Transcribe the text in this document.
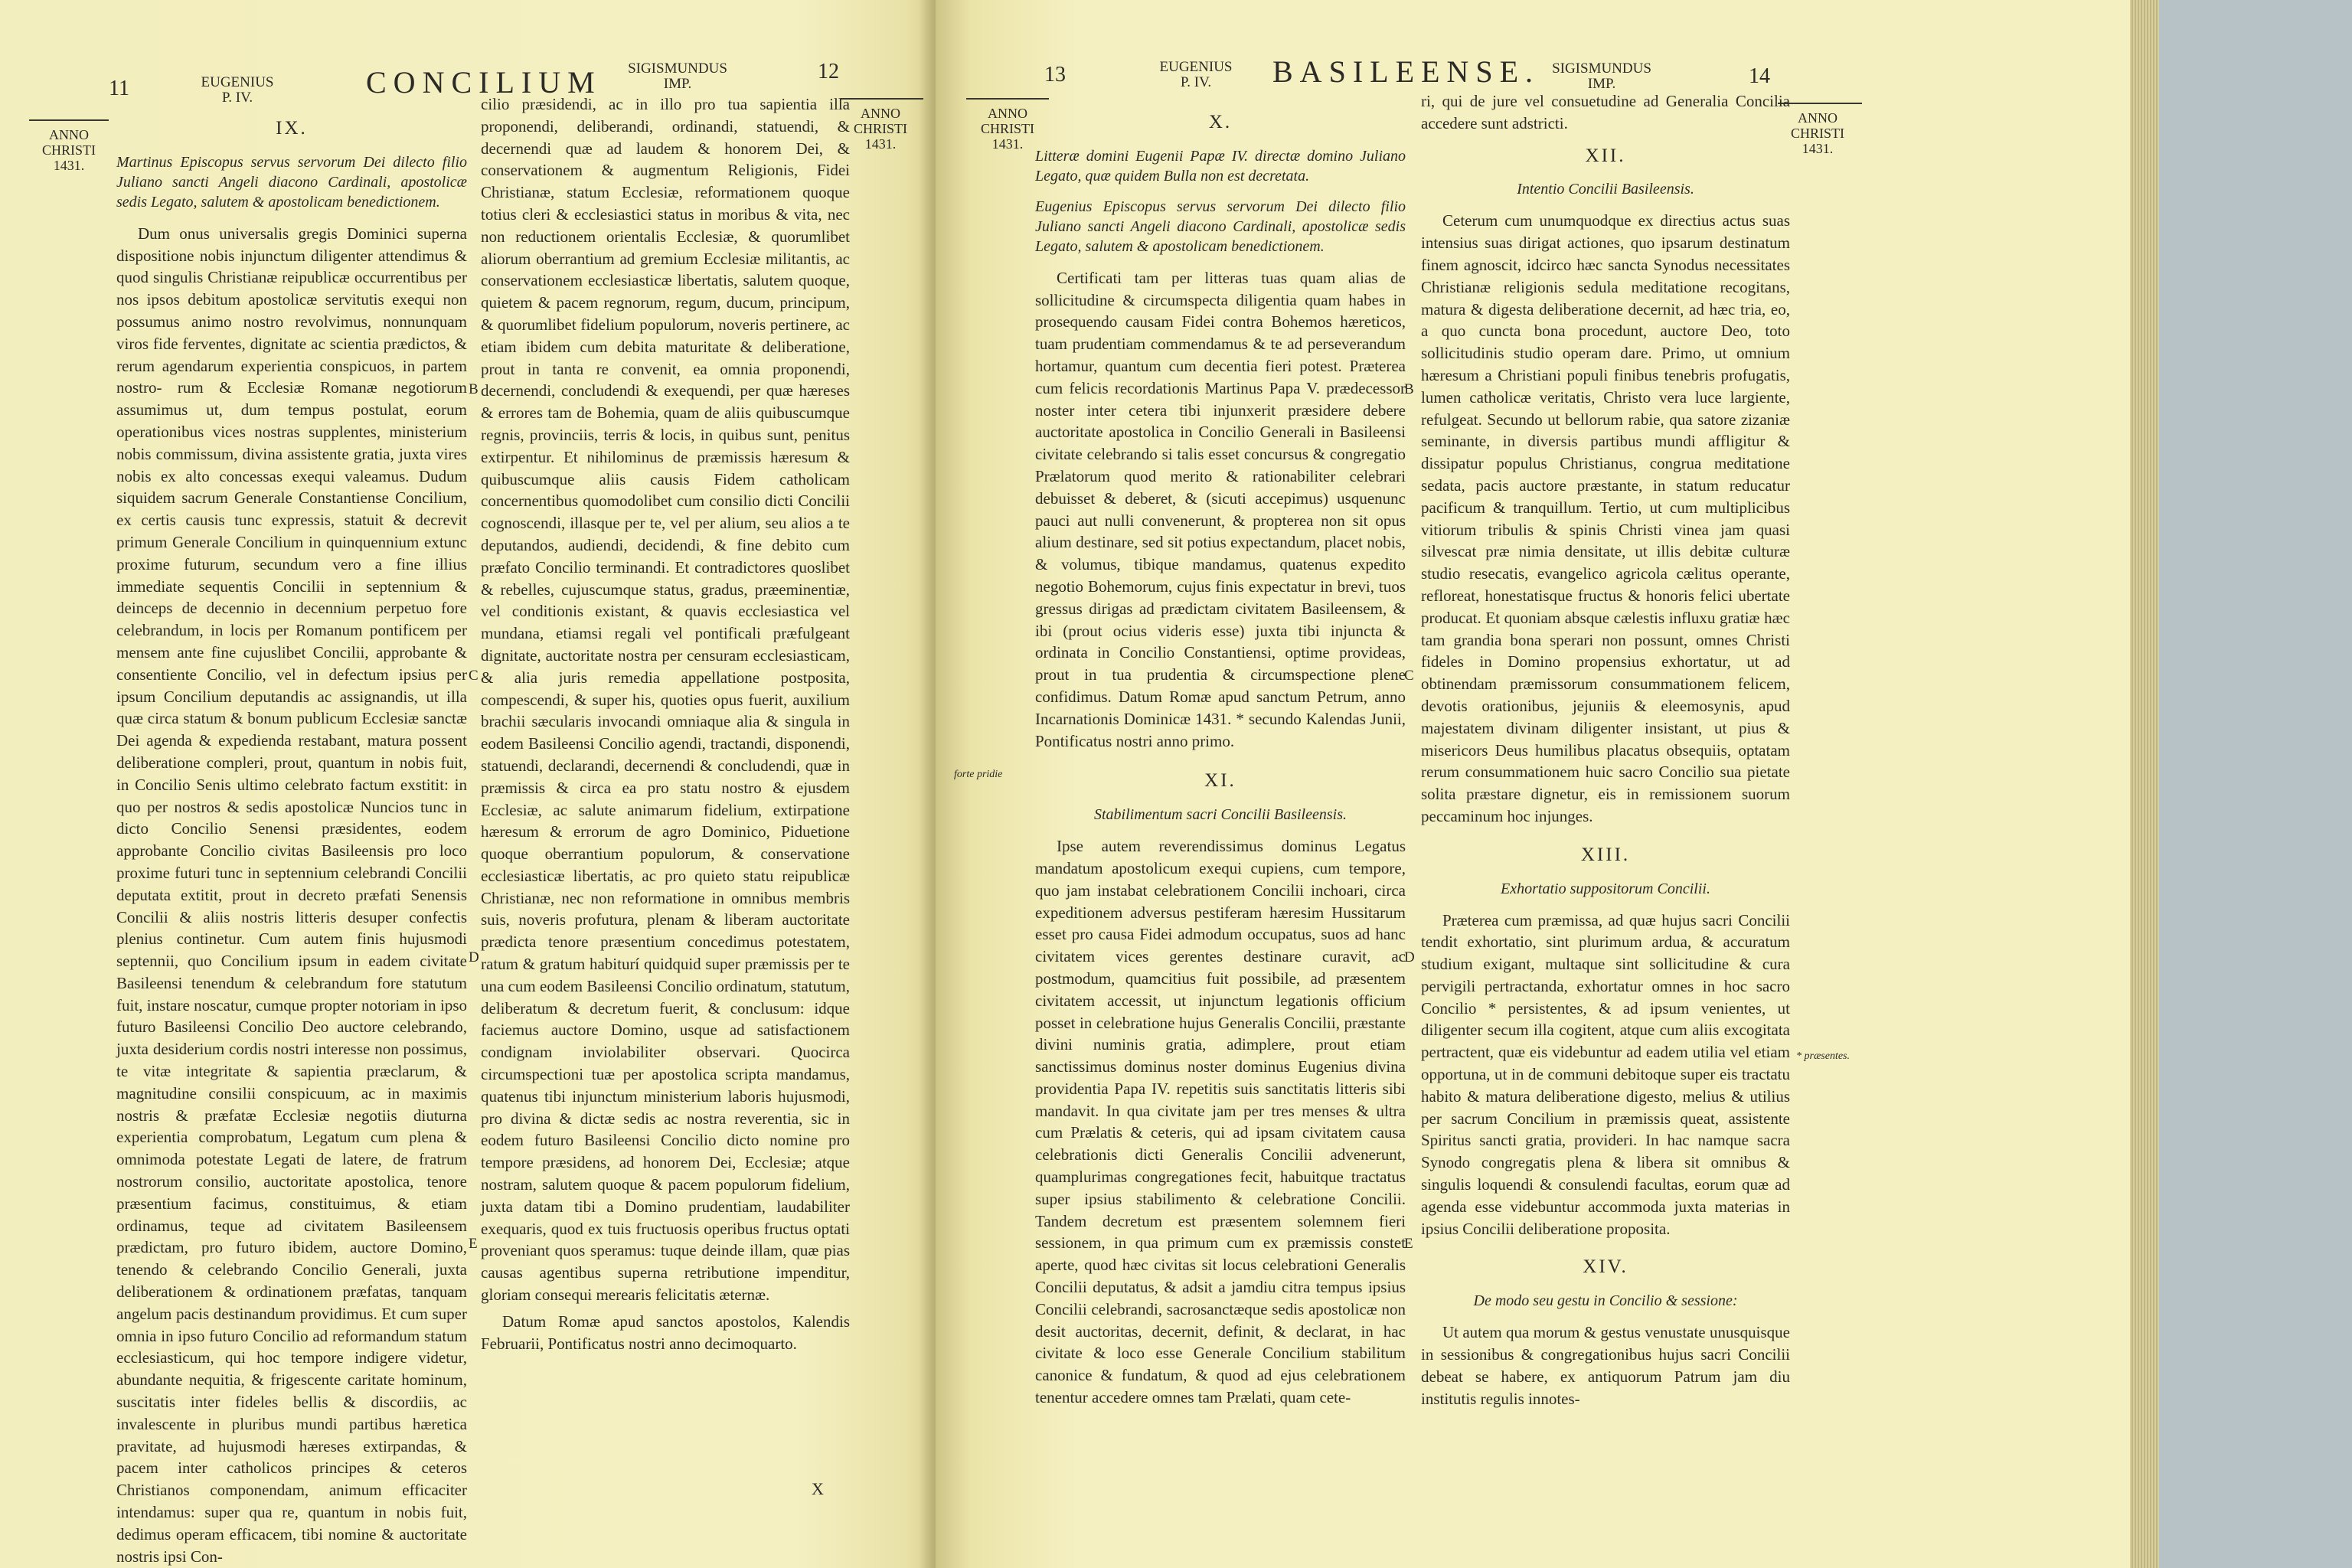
11	EUGENIUS
P. IV.	CONCILIUM	SIGISMUNDUS
IMP.
12
ANNO
CHRISTI
1431.
ANNO
CHRISTI
1431.
IX.

Martinus Episcopus servus servorum Dei dilecto filio Juliano sancti Angeli diacono Cardinali, apostolicæ sedis Legato, salutem & apostolicam benedictionem.

Dum onus universalis gregis Dominici superna dispositione nobis injunctum diligenter attendimus & quod singulis Christianæ reipublicæ occurrentibus per nos ipsos debitum apostolicæ servitutis exequi non possumus animo nostro revolvimus, nonnunquam viros fide ferventes, dignitate ac scientia prædictos, & rerum agendarum experientia conspicuos, in partem nostro- rum & Ecclesiæ Romanæ negotiorum assumimus ut, dum tempus postulat, eorum operationibus vices nostras supplentes, ministerium nobis commissum, divina assistente gratia, juxta vires nobis ex alto concessas exequi valeamus. Dudum siquidem sacrum Generale Constantiense Concilium, ex certis causis tunc expressis, statuit & decrevit primum Generale Concilium in quinquennium extunc proxime futurum, secundum vero a fine illius immediate sequentis Concilii in septennium & deinceps de decennio in decennium perpetuo fore celebrandum, in locis per Romanum pontificem per mensem ante fine cujuslibet Concilii, approbante & consentiente Concilio, vel in defectum ipsius per ipsum Concilium deputandis ac assignandis, ut illa quæ circa statum & bonum publicum Ecclesiæ sanctæ Dei agenda & expedienda restabant, matura possent deliberatione compleri, prout, quantum in nobis fuit, in Concilio Senis ultimo celebrato factum exstitit: in quo per nostros & sedis apostolicæ Nuncios tunc in dicto Concilio Senensi præsidentes, eodem approbante Concilio civitas Basileensis pro loco proxime futuri tunc in septennium celebrandi Concilii deputata extitit, prout in decreto præfati Senensis Concilii & aliis nostris litteris desuper confectis plenius continetur. Cum autem finis hujusmodi septennii, quo Concilium ipsum in eadem civitate Basileensi tenendum & celebrandum fore statutum fuit, instare noscatur, cumque propter notoriam in ipso futuro Basileensi Concilio Deo auctore celebrando, juxta desiderium cordis nostri interesse non possimus, te vitæ integritate & sapientia præclarum, & magnitudine consilii conspicuum, ac in maximis nostris & præfatæ Ecclesiæ negotiis diuturna experientia comprobatum, Legatum cum plena & omnimoda potestate Legati de latere, de fratrum nostrorum consilio, auctoritate apostolica, tenore præsentium facimus, constituimus, & etiam ordinamus, teque ad civitatem Basileensem prædictam, pro futuro ibidem, auctore Domino, tenendo & celebrando Concilio Generali, juxta deliberationem & ordinationem præfatas, tanquam angelum pacis destinandum providimus. Et cum super omnia in ipso futuro Concilio ad reformandum statum ecclesiasticum, qui hoc tempore indigere videtur, abundante nequitia, & frigescente caritate hominum, suscitatis inter fideles bellis & discordiis, ac invalescente in pluribus mundi partibus hæretica pravitate, ad hujusmodi hæreses extirpandas, & pacem inter catholicos principes & ceteros Christianos componendam, animum efficaciter intendamus: super qua re, quantum in nobis fuit, dedimus operam efficacem, tibi nomine & auctoritate nostris ipsi Con-

cilio præsidendi, ac in illo pro tua sapientia illa proponendi, deliberandi, ordinandi, statuendi, & decernendi quæ ad laudem & honorem Dei, & conservationem & augmentum Religionis, Fidei Christianæ, statum Ecclesiæ, reformationem quoque totius cleri & ecclesiastici status in moribus & vita, nec non reductionem orientalis Ecclesiæ, & quorumlibet aliorum oberrantium ad gremium Ecclesiæ militantis, ac conservationem ecclesiasticæ libertatis, salutem quoque, quietem & pacem regnorum, regum, ducum, principum, & quorumlibet fidelium populorum, noveris pertinere, ac etiam ibidem cum debita maturitate & deliberatione, prout in tanta re convenit, ea omnia proponendi, decernendi, concludendi & exequendi, per quæ hæreses & errores tam de Bohemia, quam de aliis quibuscumque regnis, provinciis, terris & locis, in quibus sunt, penitus extirpentur. Et nihilominus de præmissis hæresum & quibuscumque aliis causis Fidem catholicam concernentibus quomodolibet cum consilio dicti Concilii cognoscendi, illasque per te, vel per alium, seu alios a te deputandos, audiendi, decidendi, & fine debito cum præfato Concilio terminandi. Et contradictores quoslibet & rebelles, cujuscumque status, gradus, præeminentiæ, vel conditionis existant, & quavis ecclesiastica vel mundana, etiamsi regali vel pontificali præfulgeant dignitate, auctoritate nostra per censuram ecclesiasticam, & alia juris remedia appellatione postposita, compescendi, & super his, quoties opus fuerit, auxilium brachii sæcularis invocandi omniaque alia & singula in eodem Basileensi Concilio agendi, tractandi, disponendi, statuendi, declarandi, decernendi & concludendi, quæ in præmissis & circa ea pro statu nostro & ejusdem Ecclesiæ, ac salute animarum fidelium, extirpatione hæresum & errorum de agro Dominico, Piduetione quoque oberrantium populorum, & conservatione ecclesiasticæ libertatis, ac pro quieto statu reipublicæ Christianæ, nec non reformatione in omnibus membris suis, noveris profutura, plenam & liberam auctoritate prædicta tenore præsentium concedimus potestatem, ratum & gratum habiturí quidquid super præmissis per te una cum eodem Basileensi Concilio ordinatum, statutum, deliberatum & decretum fuerit, & conclusum: idque faciemus auctore Domino, usque ad satisfactionem condignam inviolabiliter observari. Quocirca circumspectioni tuæ per apostolica scripta mandamus, quatenus tibi injunctum ministerium laboris hujusmodi, pro divina & dictæ sedis ac nostra reverentia, sic in eodem futuro Basileensi Concilio dicto nomine pro tempore præsidens, ad honorem Dei, Ecclesiæ; atque nostram, salutem quoque & pacem populorum fidelium, juxta datam tibi a Domino prudentiam, laudabiliter exequaris, quod ex tuis fructuosis operibus fructus optati proveniant quos speramus: tuque deinde illam, quæ pias causas agentibus superna retributione impenditur, gloriam consequi merearis felicitatis æternæ.

Datum Romæ apud sanctos apostolos, Kalendis Februarii, Pontificatus nostri anno decimoquarto.

B
C
D
E
X
13	EUGENIUS
P. IV.	BASILEENSE. SIGISMUNDUS
IMP.	14
ANNO
CHRISTI
1431.
ANNO
CHRISTI
1431.
X.

Litteræ domini Eugenii Papæ IV. directæ domino Juliano Legato, quæ quidem Bulla non est decretata.

Eugenius Episcopus servus servorum Dei dilecto filio Juliano sancti Angeli diacono Cardinali, apostolicæ sedis Legato, salutem & apostolicam benedictionem.

Certificati tam per litteras tuas quam alias de sollicitudine & circumspecta diligentia quam habes in prosequendo causam Fidei contra Bohemos hæreticos, tuam prudentiam commendamus & te ad perseverandum hortamur, quantum cum decentia fieri potest. Præterea cum felicis recordationis Martinus Papa V. prædecessor noster inter cetera tibi injunxerit præsidere debere auctoritate apostolica in Concilio Generali in Basileensi civitate celebrando si talis esset concursus & congregatio Prælatorum quod merito & rationabiliter celebrari debuisset & deberet, & (sicuti accepimus) usquenunc pauci aut nulli convenerunt, & propterea non sit opus alium destinare, sed sit potius expectandum, placet nobis, & volumus, tibique mandamus, quatenus expedito negotio Bohemorum, cujus finis expectatur in brevi, tuos gressus dirigas ad prædictam civitatem Basileensem, & ibi (prout ocius videris esse) juxta tibi injuncta & ordinata in Concilio Constantiensi, optime provideas, prout in tua prudentia & circumspectione plene confidimus. Datum Romæ apud sanctum Petrum, anno Incarnationis Dominicæ 1431. * secundo Kalendas Junii, Pontificatus nostri anno primo.

XI.

Stabilimentum sacri Concilii Basileensis.

Ipse autem reverendissimus dominus Legatus mandatum apostolicum exequi cupiens, cum tempore, quo jam instabat celebrationem Concilii inchoari, circa expeditionem adversus pestiferam hæresim Hussitarum esset pro causa Fidei admodum occupatus, suos ad hanc civitatem vices gerentes destinare curavit, ac postmodum, quamcitius fuit possibile, ad præsentem civitatem accessit, ut injunctum legationis officium posset in celebratione hujus Generalis Concilii, præstante divini numinis gratia, adimplere, prout etiam sanctissimus dominus noster dominus Eugenius divina providentia Papa IV. repetitis suis sanctitatis litteris sibi mandavit. In qua civitate jam per tres menses & ultra cum Prælatis & ceteris, qui ad ipsam civitatem causa celebrationis dicti Generalis Concilii advenerunt, quamplurimas congregationes fecit, habuitque tractatus super ipsius stabilimento & celebratione Concilii. Tandem decretum est præsentem solemnem fieri sessionem, in qua primum cum ex præmissis constet aperte, quod hæc civitas sit locus celebrationi Generalis Concilii deputatus, & adsit a jamdiu citra tempus ipsius Concilii celebrandi, sacrosanctæque sedis apostolicæ non desit auctoritas, decernit, definit, & declarat, in hac civitate & loco esse Generale Concilium stabilitum canonice & fundatum, & quod ad ejus celebrationem tenentur accedere omnes tam Prælati, quam cete-

ri, qui de jure vel consuetudine ad Generalia Concilia accedere sunt adstricti.

XII.

Intentio Concilii Basileensis.

Ceterum cum unumquodque ex directius actus suas intensius suas dirigat actiones, quo ipsarum destinatum finem agnoscit, idcirco hæc sancta Synodus necessitates Christianæ religionis sedula meditatione recogitans, matura & digesta deliberatione decernit, ad hæc tria, eo, a quo cuncta bona procedunt, auctore Deo, toto sollicitudinis studio operam dare. Primo, ut omnium hæresum a Christiani populi finibus tenebris profugatis, lumen catholicæ veritatis, Christo vera luce largiente, refulgeat. Secundo ut bellorum rabie, qua satore zizaniæ seminante, in diversis partibus mundi affligitur & dissipatur populus Christianus, congrua meditatione sedata, pacis auctore præstante, in statum reducatur pacificum & tranquillum. Tertio, ut cum multiplicibus vitiorum tribulis & spinis Christi vinea jam quasi silvescat præ nimia densitate, ut illis debitæ culturæ studio resecatis, evangelico agricola cælitus operante, refloreat, honestatisque fructus & honoris felici ubertate producat. Et quoniam absque cælestis influxu gratiæ hæc tam grandia bona sperari non possunt, omnes Christi fideles in Domino propensius exhortatur, ut ad obtinendam præmissorum consummationem felicem, devotis orationibus, jejuniis & eleemosynis, apud majestatem divinam diligenter insistant, ut pius & misericors Deus humilibus placatus obsequiis, optatam rerum consummationem huic sacro Concilio sua pietate solita præstare dignetur, eis in remissionem suorum peccaminum hoc injunges.

XIII.

Exhortatio suppositorum Concilii.

Præterea cum præmissa, ad quæ hujus sacri Concilii tendit exhortatio, sint plurimum ardua, & accuratum studium exigant, multaque sint sollicitudine & cura pervigili pertractanda, exhortatur omnes in hoc sacro Concilio * persistentes, & ad ipsum venientes, ut diligenter secum illa cogitent, atque cum aliis excogitata pertractent, quæ eis videbuntur ad eadem utilia vel etiam opportuna, ut in de communi debitoque super eis tractatu habito & matura deliberatione digesto, melius & utilius per sacrum Concilium in præmissis queat, assistente Spiritus sancti gratia, provideri. In hac namque sacra Synodo congregatis plena & libera sit omnibus & singulis loquendi & consulendi facultas, eorum quæ ad agenda esse videbuntur accommoda juxta materias in ipsius Concilii deliberatione proposita.

XIV.

De modo seu gestu in Concilio & sessione:

Ut autem qua morum & gestus venustate unusquisque in sessionibus & congregationibus hujus sacri Concilii debeat se habere, ex antiquorum Patrum jam diu institutis regulis innotes-

B
C
D
E
forte pridie
* præsentes.
